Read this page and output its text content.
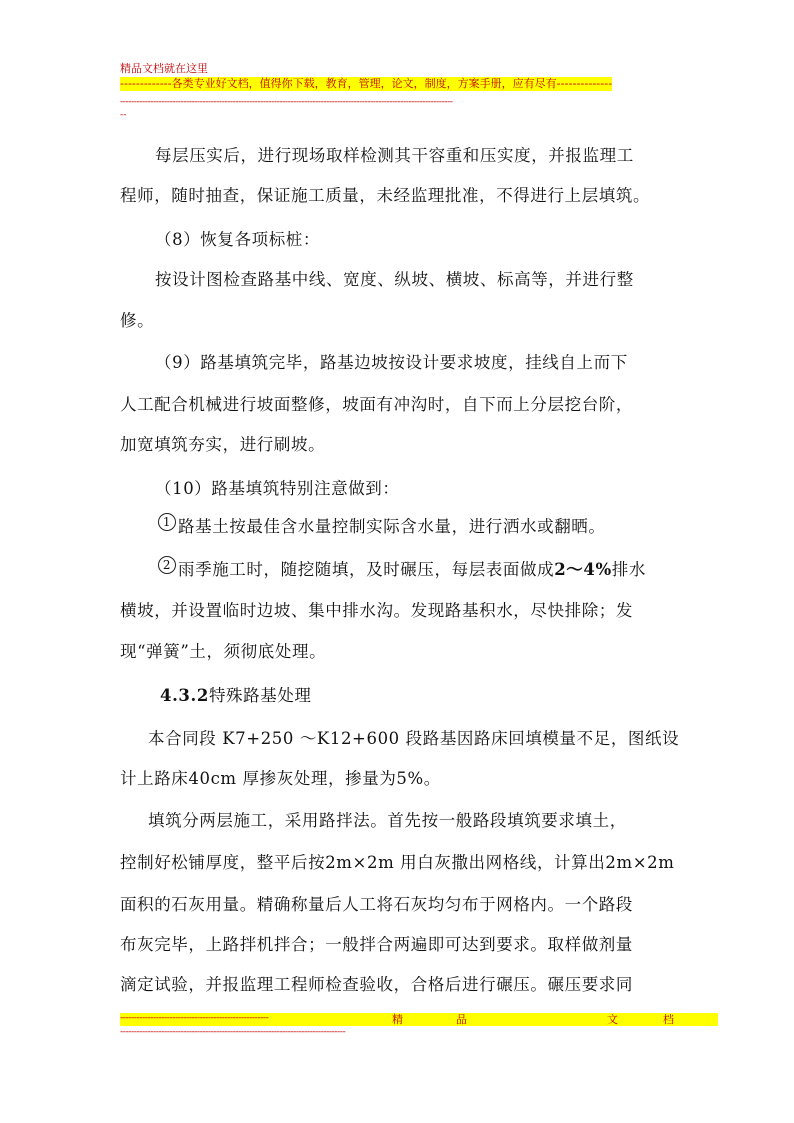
精品文档就在这里
-------------各类专业好文档，值得你下载，教育，管理，论文，制度，方案手册，应有尽有--------------
-------------------------------------------------------------------------------------------------------------------------
--
每层压实后，进行现场取样检测其干容重和压实度，并报监理工
程师，随时抽查，保证施工质量，未经监理批准，不得进行上层填筑。
（8）恢复各项标桩：
按设计图检查路基中线、宽度、纵坡、横坡、标高等，并进行整
修。
（9）路基填筑完毕，路基边坡按设计要求坡度，挂线自上而下
人工配合机械进行坡面整修，坡面有冲沟时，自下而上分层挖台阶，
加宽填筑夯实，进行刷坡。
（10）路基填筑特别注意做到：
1 路基土按最佳含水量控制实际含水量，进行洒水或翻晒。
2 雨季施工时，随挖随填，及时碾压，每层表面做成2～4%排水
横坡，并设置临时边坡、集中排水沟。发现路基积水，尽快排除；发
现“弹簧”土，须彻底处理。
4.3.2特殊路基处理
本合同段 K7+250 ～K12+600 段路基因路床回填模量不足，图纸设
计上路床40cm 厚掺灰处理，掺量为5%。
填筑分两层施工，采用路拌法。首先按一般路段填筑要求填土，
控制好松铺厚度，整平后按2m×2m 用白灰撒出网格线，计算出2m×2m
面积的石灰用量。精确称量后人工将石灰均匀布于网格内。一个路段
布灰完毕，上路拌机拌合；一般拌合两遍即可达到要求。取样做剂量
滴定试验，并报监理工程师检查验收，合格后进行碾压。碾压要求同
------------------------------------------------------	精	品	文	档
----------------------------------------------------------------------------------
